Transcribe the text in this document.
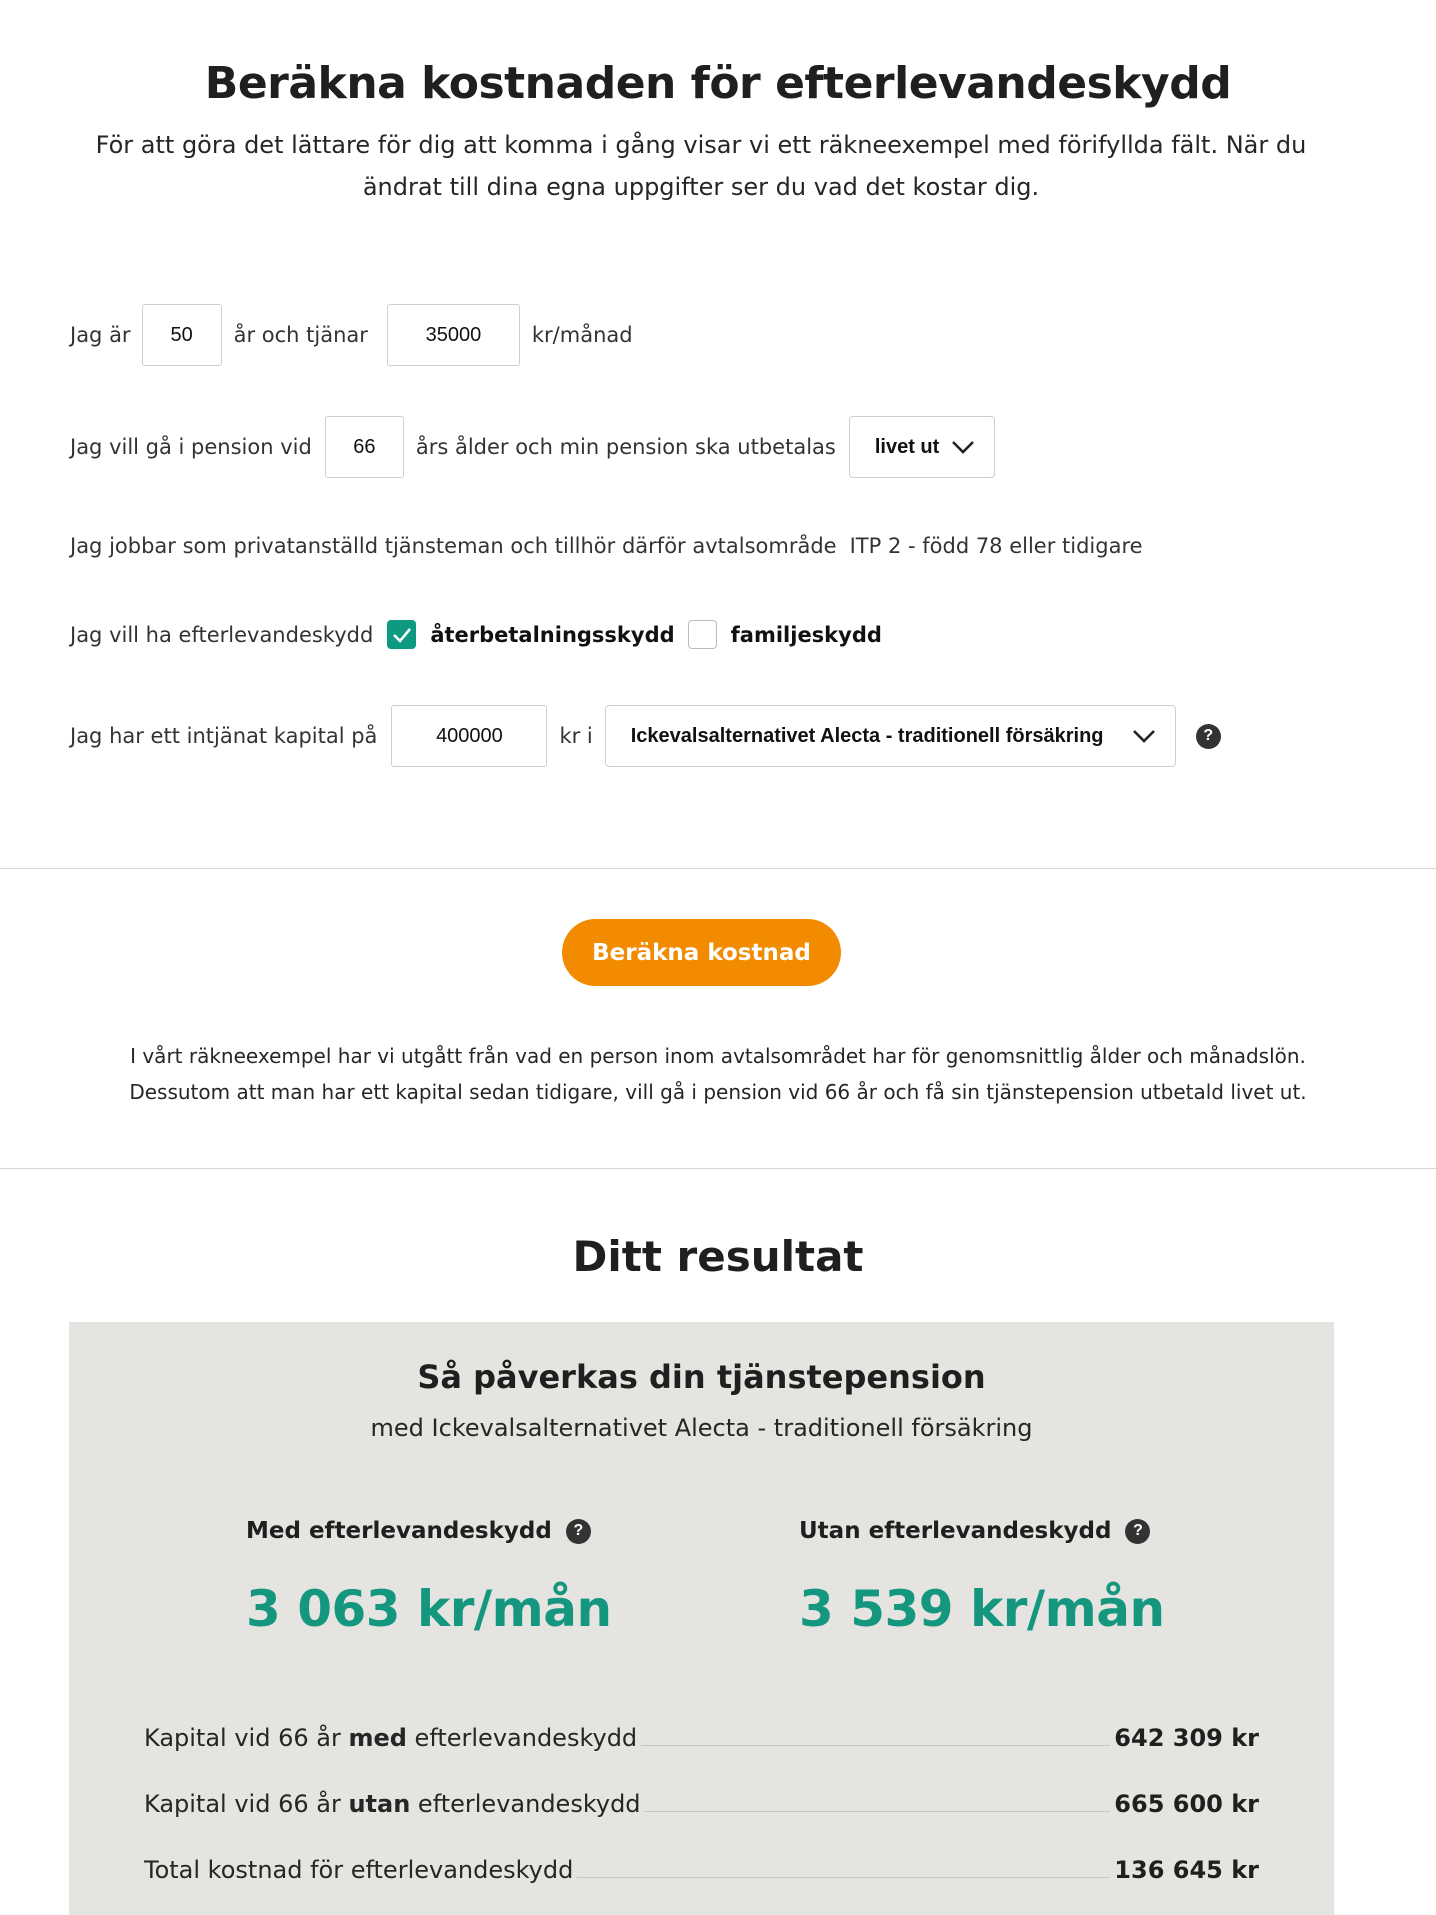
Beräkna kostnaden för efterlevandeskydd

För att göra det lättare för dig att komma i gång visar vi ett räkneexempel med förifyllda fält. När du ändrat till dina egna uppgifter ser du vad det kostar dig.

Jag är	50	år och tjänar	35000	kr/månad
Jag vill gå i pension vid	66	års ålder och min pension ska utbetalas livet ut
Jag jobbar som privatanställd tjänsteman och tillhör därför avtalsområde ITP 2 - född 78 eller tidigare
Jag vill ha efterlevandeskydd	återbetalningsskydd	familjeskydd
Jag har ett intjänat kapital på	400000	kr i Ickevalsalternativet Alecta - traditionell försäkring	?
Beräkna kostnad
I vårt räkneexempel har vi utgått från vad en person inom avtalsområdet har för genomsnittlig ålder och månadslön.
Dessutom att man har ett kapital sedan tidigare, vill gå i pension vid 66 år och få sin tjänstepension utbetald livet ut.
Ditt resultat
Så påverkas din tjänstepension
med Ickevalsalternativet Alecta - traditionell försäkring
Med efterlevandeskydd	?
3 063 kr/mån
Utan efterlevandeskydd	?
3 539 kr/mån
Kapital vid 66 år med efterlevandeskydd	642 309 kr
Kapital vid 66 år utan efterlevandeskydd	665 600 kr
Total kostnad för efterlevandeskydd	136 645 kr
